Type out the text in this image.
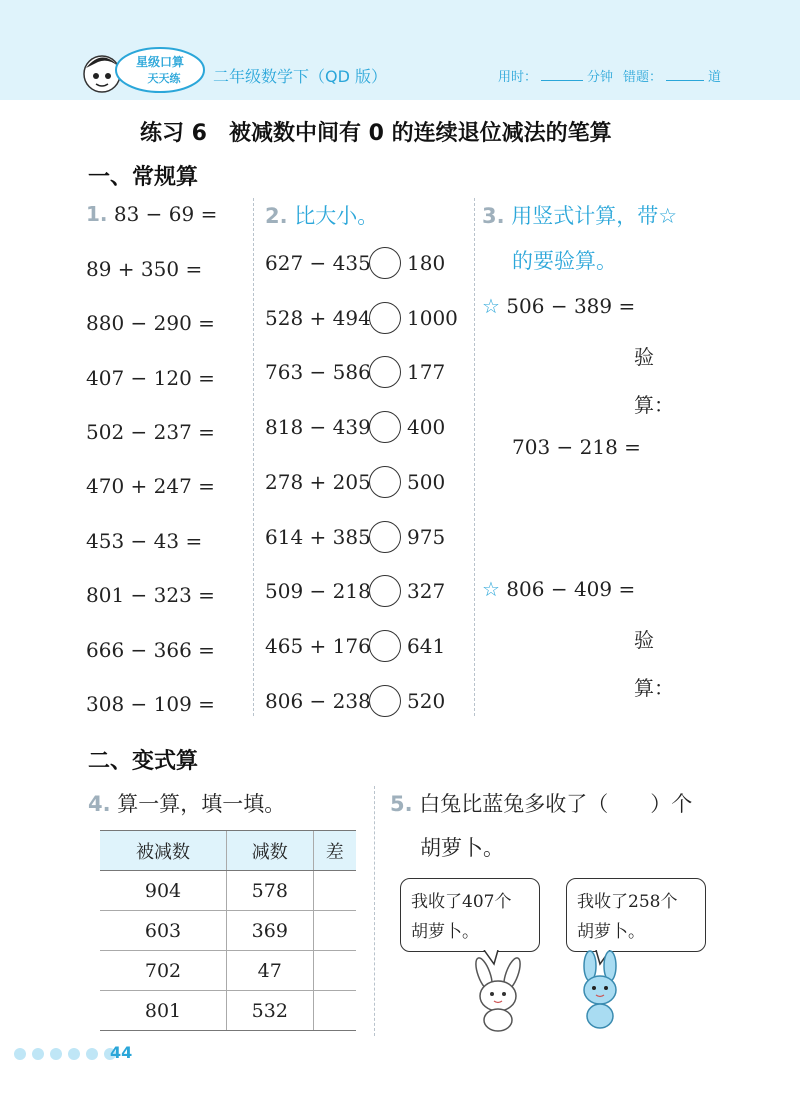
星级口算
天天练 二年级数学下（QD 版）	用时：	分钟 错题：	道
练习 6　被减数中间有 0 的连续退位减法的笔算
一、常规算
1. 83 − 69 =
89 + 350 =
880 − 290 =
407 − 120 =
502 − 237 =
470 + 247 =
453 − 43 =
801 − 323 =
666 − 366 =
308 − 109 =
2. 比大小。
627 − 435 180
528 + 494 1000
763 − 586 177
818 − 439 400
278 + 205 500
614 + 385 975
509 − 218 327
465 + 176 641
806 − 238 520
3. 用竖式计算，带☆
的要验算。
☆ 506 − 389 =
验
算：
703 − 218 =
☆ 806 − 409 =
验
算：
二、变式算
4. 算一算，填一填。
被减数	减数	差
904	578	
603	369	
702	47	
801	532	
5. 白兔比蓝兔多收了（　　）个
胡萝卜。
我收了407个
胡萝卜。
我收了258个
胡萝卜。
44
